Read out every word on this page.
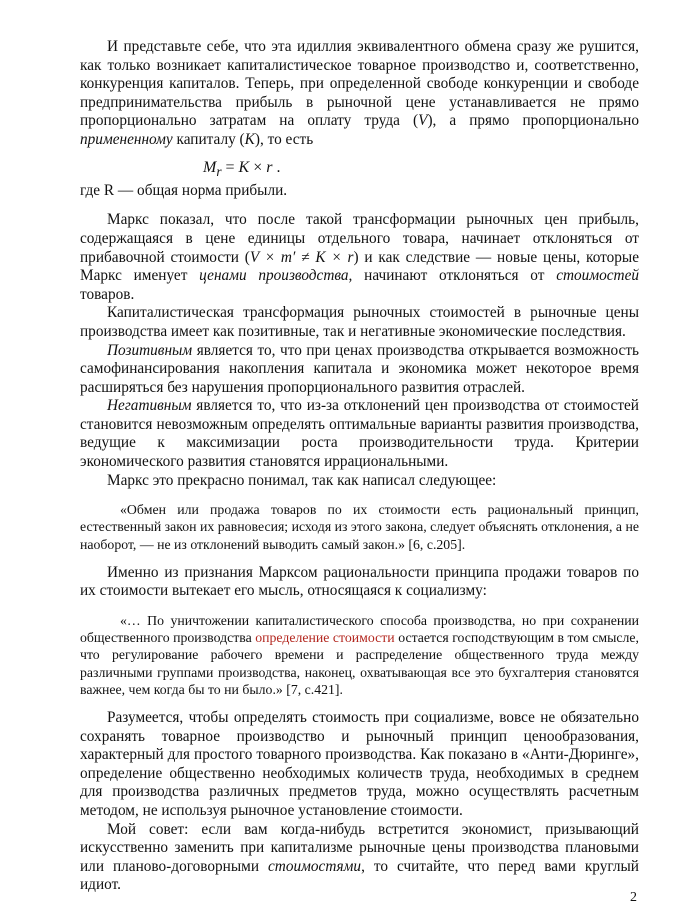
И представьте себе, что эта идиллия эквивалентного обмена сразу же рушится, как только возникает капиталистическое товарное производство и, соответственно, конкуренция капиталов. Теперь, при определенной свободе конкуренции и свободе предпринимательства прибыль в рыночной цене устанавливается не прямо пропорционально затратам на оплату труда (V), а прямо пропорционально примененному капиталу (K), то есть

$M_r = K \times r$ .

где R — общая норма прибыли.

Маркс показал, что после такой трансформации рыночных цен прибыль, содержащаяся в цене единицы отдельного товара, начинает отклоняться от прибавочной стоимости (V × m′ ≠ K × r) и как следствие — новые цены, которые Маркс именует ценами производства, начинают отклоняться от стоимостей товаров.

Капиталистическая трансформация рыночных стоимостей в рыночные цены производства имеет как позитивные, так и негативные экономические последствия.

Позитивным является то, что при ценах производства открывается возможность самофинансирования накопления капитала и экономика может некоторое время расширяться без нарушения пропорционального развития отраслей.

Негативным является то, что из-за отклонений цен производства от стоимостей становится невозможным определять оптимальные варианты развития производства, ведущие к максимизации роста производительности труда. Критерии экономического развития становятся иррациональными.

Маркс это прекрасно понимал, так как написал следующее:

«Обмен или продажа товаров по их стоимости есть рациональный принцип, естественный закон их равновесия; исходя из этого закона, следует объяснять отклонения, а не наоборот, — не из отклонений выводить самый закон.» [6, с.205].

Именно из признания Марксом рациональности принципа продажи товаров по их стоимости вытекает его мысль, относящаяся к социализму:

«… По уничтожении капиталистического способа производства, но при сохранении общественного производства определение стоимости остается господствующим в том смысле, что регулирование рабочего времени и распределение общественного труда между различными группами производства, наконец, охватывающая все это бухгалтерия становятся важнее, чем когда бы то ни было.» [7, с.421].

Разумеется, чтобы определять стоимость при социализме, вовсе не обязательно сохранять товарное производство и рыночный принцип ценообразования, характерный для простого товарного производства. Как показано в «Анти-Дюринге», определение общественно необходимых количеств труда, необходимых в среднем для производства различных предметов труда, можно осуществлять расчетным методом, не используя рыночное установление стоимости.

Мой совет: если вам когда-нибудь встретится экономист, призывающий искусственно заменить при капитализме рыночные цены производства плановыми или планово-договорными стоимостями, то считайте, что перед вами круглый идиот.

2
